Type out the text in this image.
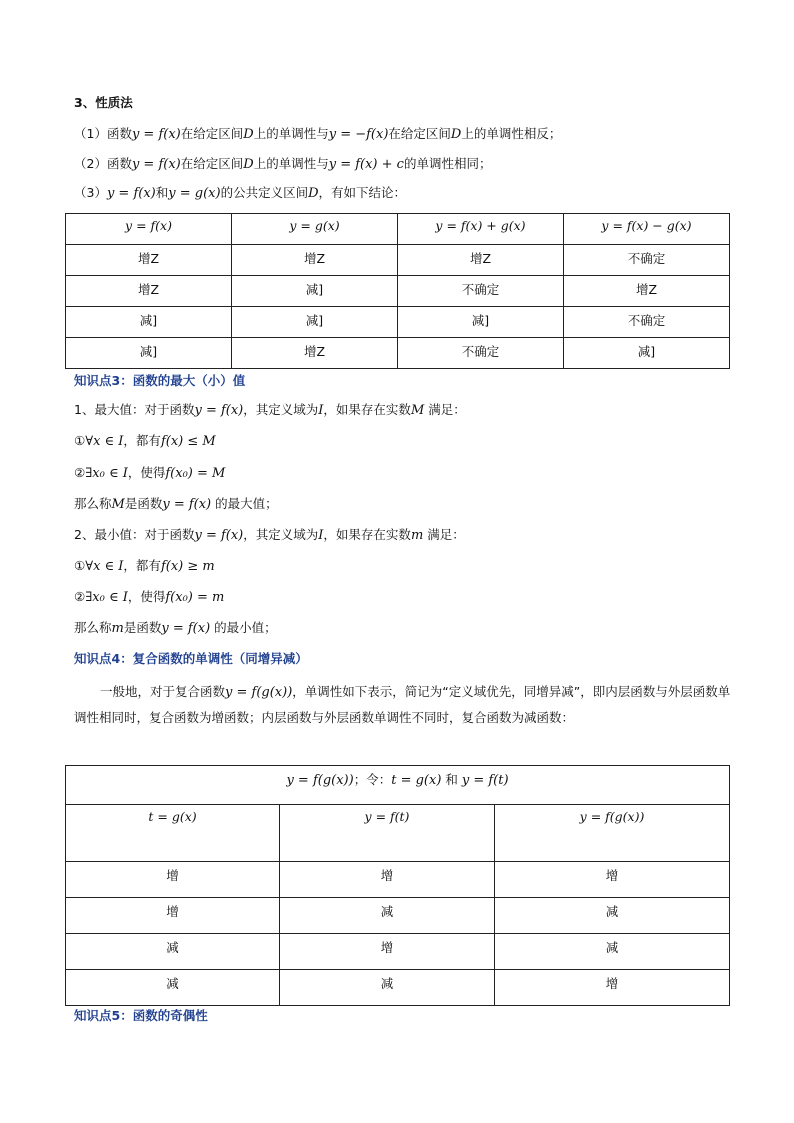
3、性质法
（1）函数y = f(x)在给定区间D上的单调性与y = −f(x)在给定区间D上的单调性相反；
（2）函数y = f(x)在给定区间D上的单调性与y = f(x) + c的单调性相同；
（3）y = f(x)和y = g(x)的公共定义区间D，有如下结论：
y = f(x)	y = g(x)	y = f(x) + g(x)	y = f(x) − g(x)
增Z	增Z	增Z	不确定
增Z	减]	不确定	增Z
减]	减]	减]	不确定
减]	增Z	不确定	减]
知识点3：函数的最大（小）值
1、最大值：对于函数y = f(x)，其定义域为I，如果存在实数M 满足：
①∀x ∈ I，都有f(x) ≤ M
②∃x₀ ∈ I，使得f(x₀) = M
那么称M是函数y = f(x) 的最大值；
2、最小值：对于函数y = f(x)，其定义域为I，如果存在实数m 满足：
①∀x ∈ I，都有f(x) ≥ m
②∃x₀ ∈ I，使得f(x₀) = m
那么称m是函数y = f(x) 的最小值；
知识点4：复合函数的单调性（同增异减）
一般地，对于复合函数y = f(g(x))，单调性如下表示，简记为“定义域优先，同增异减”，即内层函数与外层函数单调性相同时，复合函数为增函数；内层函数与外层函数单调性不同时，复合函数为减函数：
y = f(g(x))；令：t = g(x) 和 y = f(t)		
t = g(x)	y = f(t)	y = f(g(x))
增	增	增
增	减	减
减	增	减
减	减	增
知识点5：函数的奇偶性
